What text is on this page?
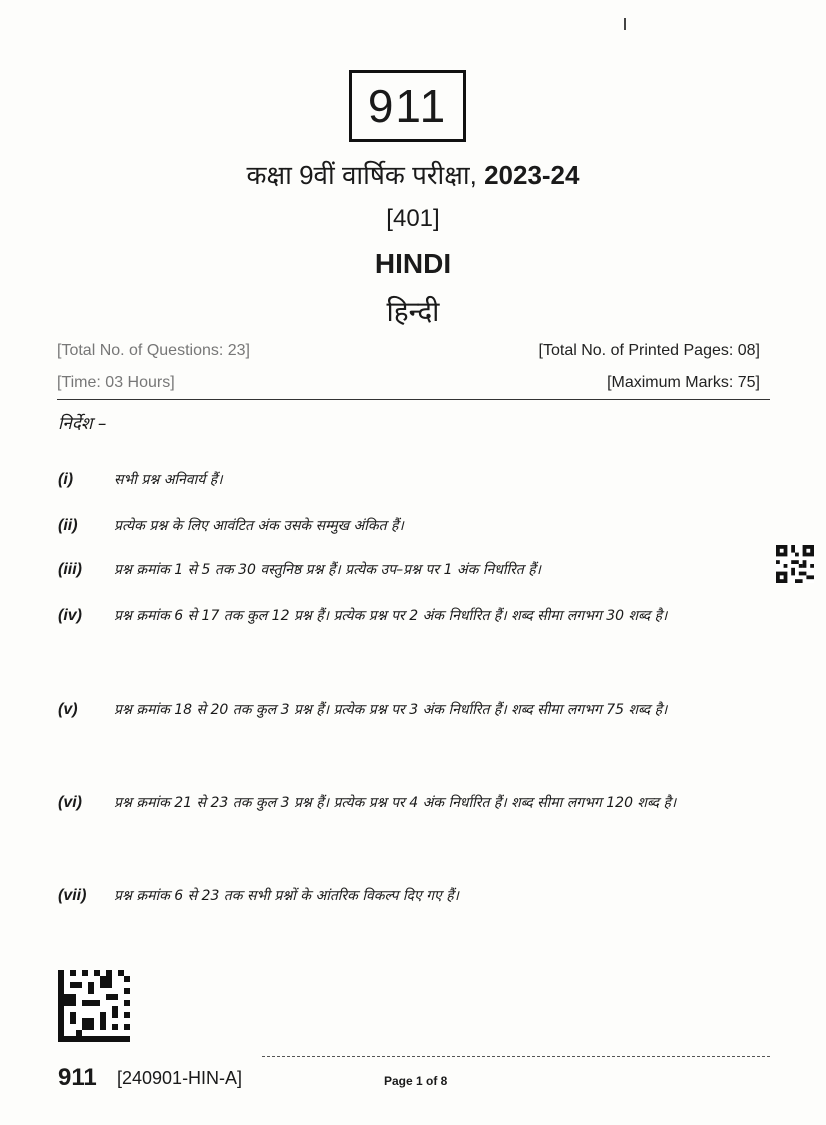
911
कक्षा 9वीं वार्षिक परीक्षा, 2023-24
[401]
HINDI
हिन्दी
[Total No. of Questions: 23]	[Total No. of Printed Pages: 08]
[Time: 03 Hours]	[Maximum Marks: 75]
निर्देश –
(i)	सभी प्रश्न अनिवार्य हैं।
(ii)	प्रत्येक प्रश्न के लिए आवंटित अंक उसके सम्मुख अंकित हैं।
(iii) प्रश्न क्रमांक 1 से 5 तक 30 वस्तुनिष्ठ प्रश्न हैं। प्रत्येक उप–प्रश्न पर 1 अंक निर्धारित हैं।
(iv) प्रश्न क्रमांक 6 से 17 तक कुल 12 प्रश्न हैं। प्रत्येक प्रश्न पर 2 अंक निर्धारित हैं। शब्द सीमा लगभग 30 शब्द है।
(v)	प्रश्न क्रमांक 18 से 20 तक कुल 3 प्रश्न हैं। प्रत्येक प्रश्न पर 3 अंक निर्धारित हैं। शब्द सीमा लगभग 75 शब्द है।
(vi) प्रश्न क्रमांक 21 से 23 तक कुल 3 प्रश्न हैं। प्रत्येक प्रश्न पर 4 अंक निर्धारित हैं। शब्द सीमा लगभग 120 शब्द है।
(vii) प्रश्न क्रमांक 6 से 23 तक सभी प्रश्नों के आंतरिक विकल्प दिए गए हैं।
911 [240901-HIN-A]	Page 1 of 8
